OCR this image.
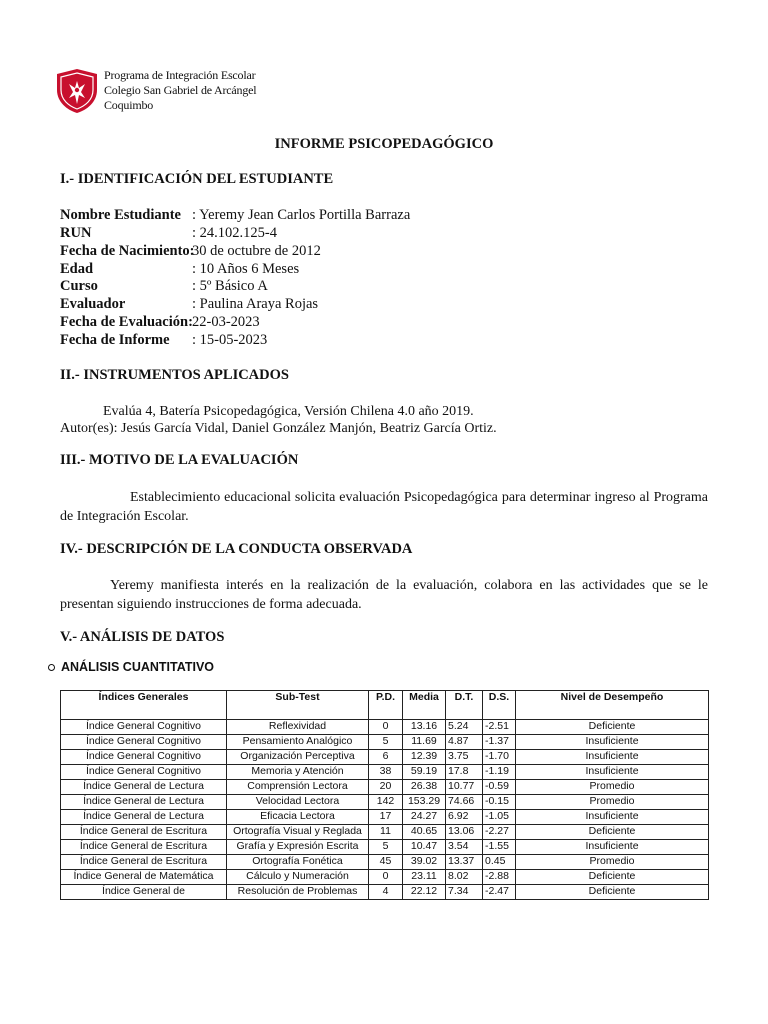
Programa de Integración Escolar
Colegio San Gabriel de Arcángel
Coquimbo
INFORME PSICOPEDAGÓGICO
I.- IDENTIFICACIÓN DEL ESTUDIANTE
Nombre Estudiante : Yeremy Jean Carlos Portilla Barraza
RUN	: 24.102.125-4
Fecha de Nacimiento:30 de octubre de 2012
Edad	: 10 Años 6 Meses
Curso	: 5º Básico A
Evaluador	: Paulina Araya Rojas
Fecha de Evaluación:22-03-2023
Fecha de Informe : 15-05-2023
II.- INSTRUMENTOS APLICADOS
Evalúa 4, Batería Psicopedagógica, Versión Chilena 4.0 año 2019.
Autor(es): Jesús García Vidal, Daniel González Manjón, Beatriz García Ortiz.
III.- MOTIVO DE LA EVALUACIÓN
Establecimiento educacional solicita evaluación Psicopedagógica para determinar ingreso al Programa de Integración Escolar.
IV.- DESCRIPCIÓN DE LA CONDUCTA OBSERVADA
Yeremy manifiesta interés en la realización de la evaluación, colabora en las actividades que se le presentan siguiendo instrucciones de forma adecuada.
V.- ANÁLISIS DE DATOS
ANÁLISIS CUANTITATIVO
Índices Generales	Sub-Test	P.D.	Media	D.T.	D.S.	Nivel de Desempeño
Índice General Cognitivo	Reflexividad	0	13.16	5.24	-2.51	Deficiente
Índice General Cognitivo	Pensamiento Analógico	5	11.69	4.87	-1.37	Insuficiente
Índice General Cognitivo	Organización Perceptiva	6	12.39	3.75	-1.70	Insuficiente
Índice General Cognitivo	Memoria y Atención	38	59.19	17.8	-1.19	Insuficiente
Índice General de Lectura	Comprensión Lectora	20	26.38	10.77	-0.59	Promedio
Índice General de Lectura	Velocidad Lectora	142	153.29	74.66	-0.15	Promedio
Índice General de Lectura	Eficacia Lectora	17	24.27	6.92	-1.05	Insuficiente
Índice General de Escritura	Ortografía Visual y Reglada	11	40.65	13.06	-2.27	Deficiente
Índice General de Escritura	Grafía y Expresión Escrita	5	10.47	3.54	-1.55	Insuficiente
Índice General de Escritura	Ortografía Fonética	45	39.02	13.37	0.45	Promedio
Índice General de Matemática	Cálculo y Numeración	0	23.11	8.02	-2.88	Deficiente
Índice General de	Resolución de Problemas	4	22.12	7.34	-2.47	Deficiente
